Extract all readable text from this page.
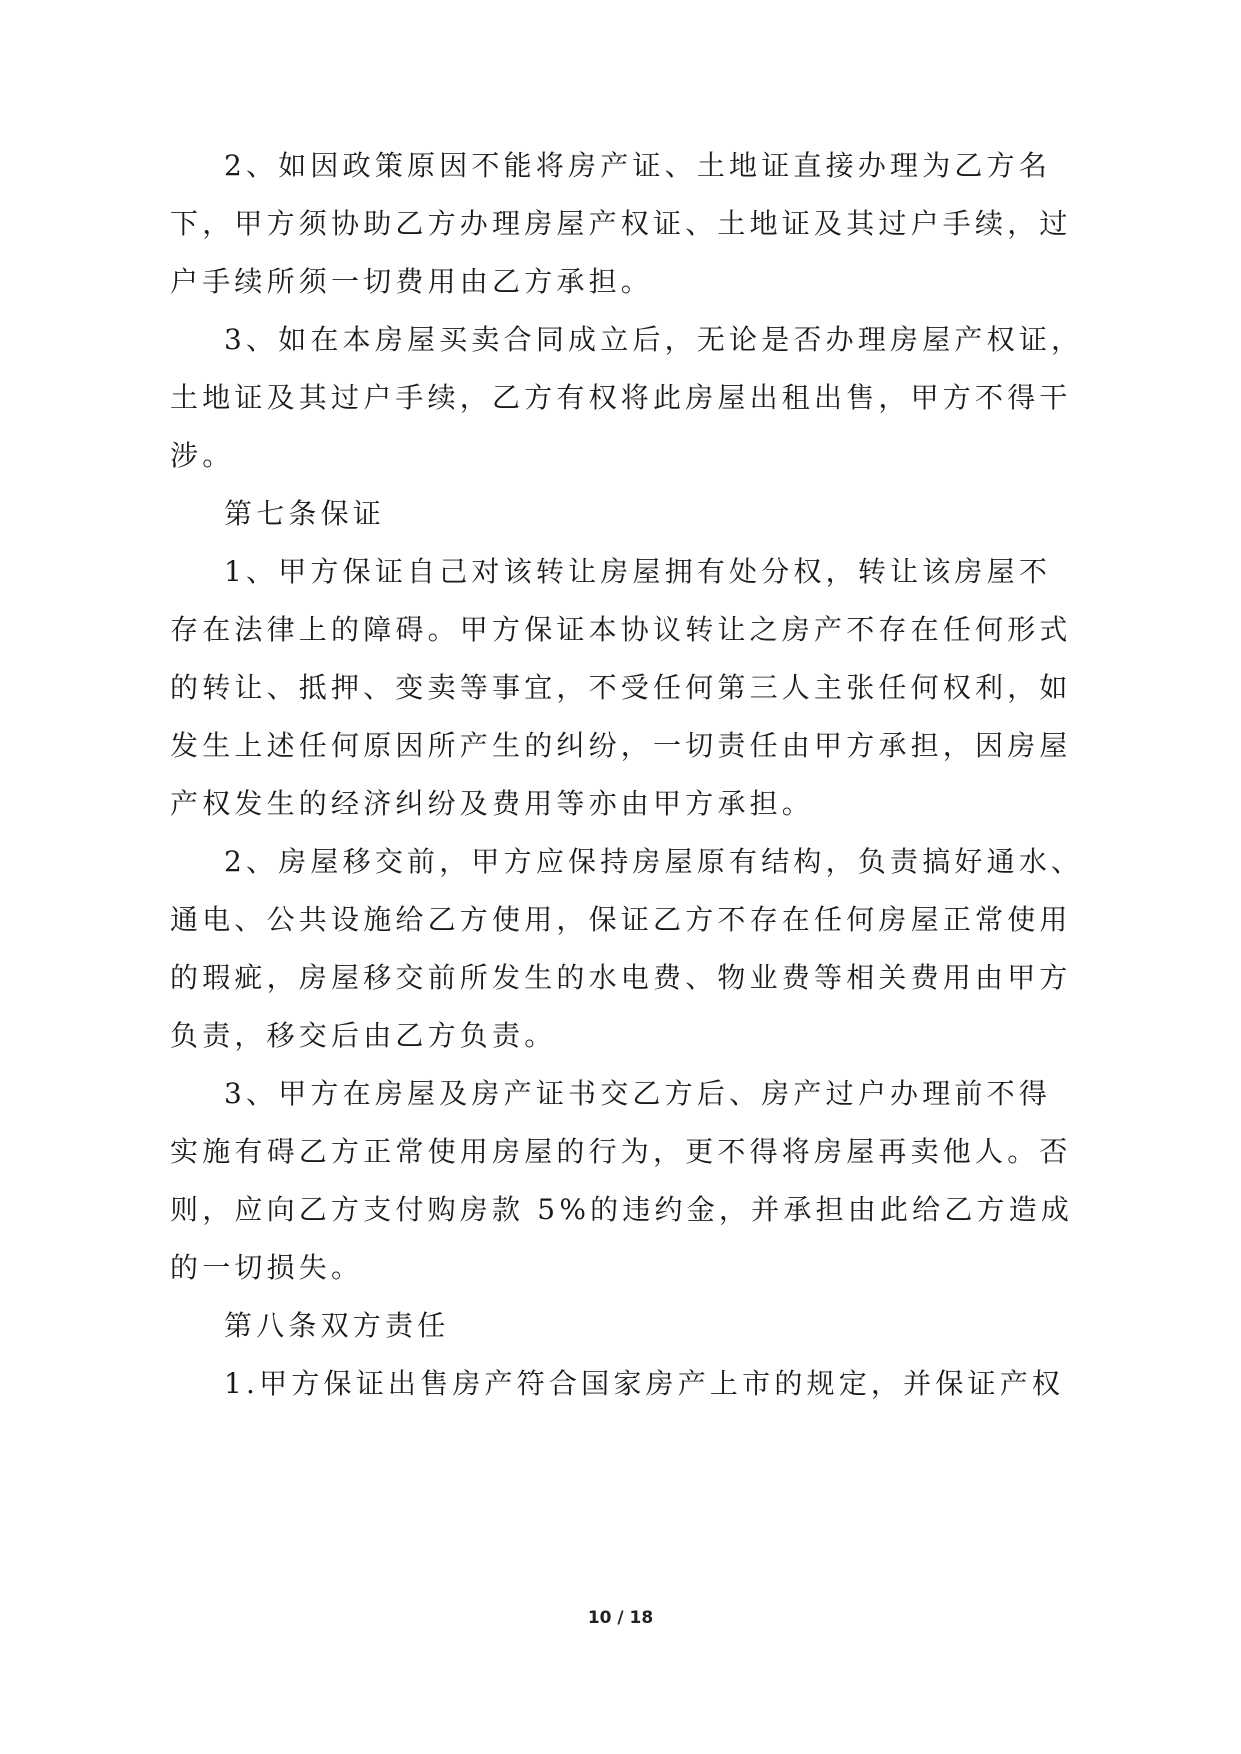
2、如因政策原因不能将房产证、土地证直接办理为乙方名
下，甲方须协助乙方办理房屋产权证、土地证及其过户手续，过
户手续所须一切费用由乙方承担。
3、如在本房屋买卖合同成立后，无论是否办理房屋产权证，
土地证及其过户手续，乙方有权将此房屋出租出售，甲方不得干
涉。
第七条保证
1、甲方保证自己对该转让房屋拥有处分权，转让该房屋不
存在法律上的障碍。甲方保证本协议转让之房产不存在任何形式
的转让、抵押、变卖等事宜，不受任何第三人主张任何权利，如
发生上述任何原因所产生的纠纷，一切责任由甲方承担，因房屋
产权发生的经济纠纷及费用等亦由甲方承担。
2、房屋移交前，甲方应保持房屋原有结构，负责搞好通水、
通电、公共设施给乙方使用，保证乙方不存在任何房屋正常使用
的瑕疵，房屋移交前所发生的水电费、物业费等相关费用由甲方
负责，移交后由乙方负责。
3、甲方在房屋及房产证书交乙方后、房产过户办理前不得
实施有碍乙方正常使用房屋的行为，更不得将房屋再卖他人。否
则，应向乙方支付购房款 5%的违约金，并承担由此给乙方造成
的一切损失。
第八条双方责任
1.甲方保证出售房产符合国家房产上市的规定，并保证产权
10 / 18
